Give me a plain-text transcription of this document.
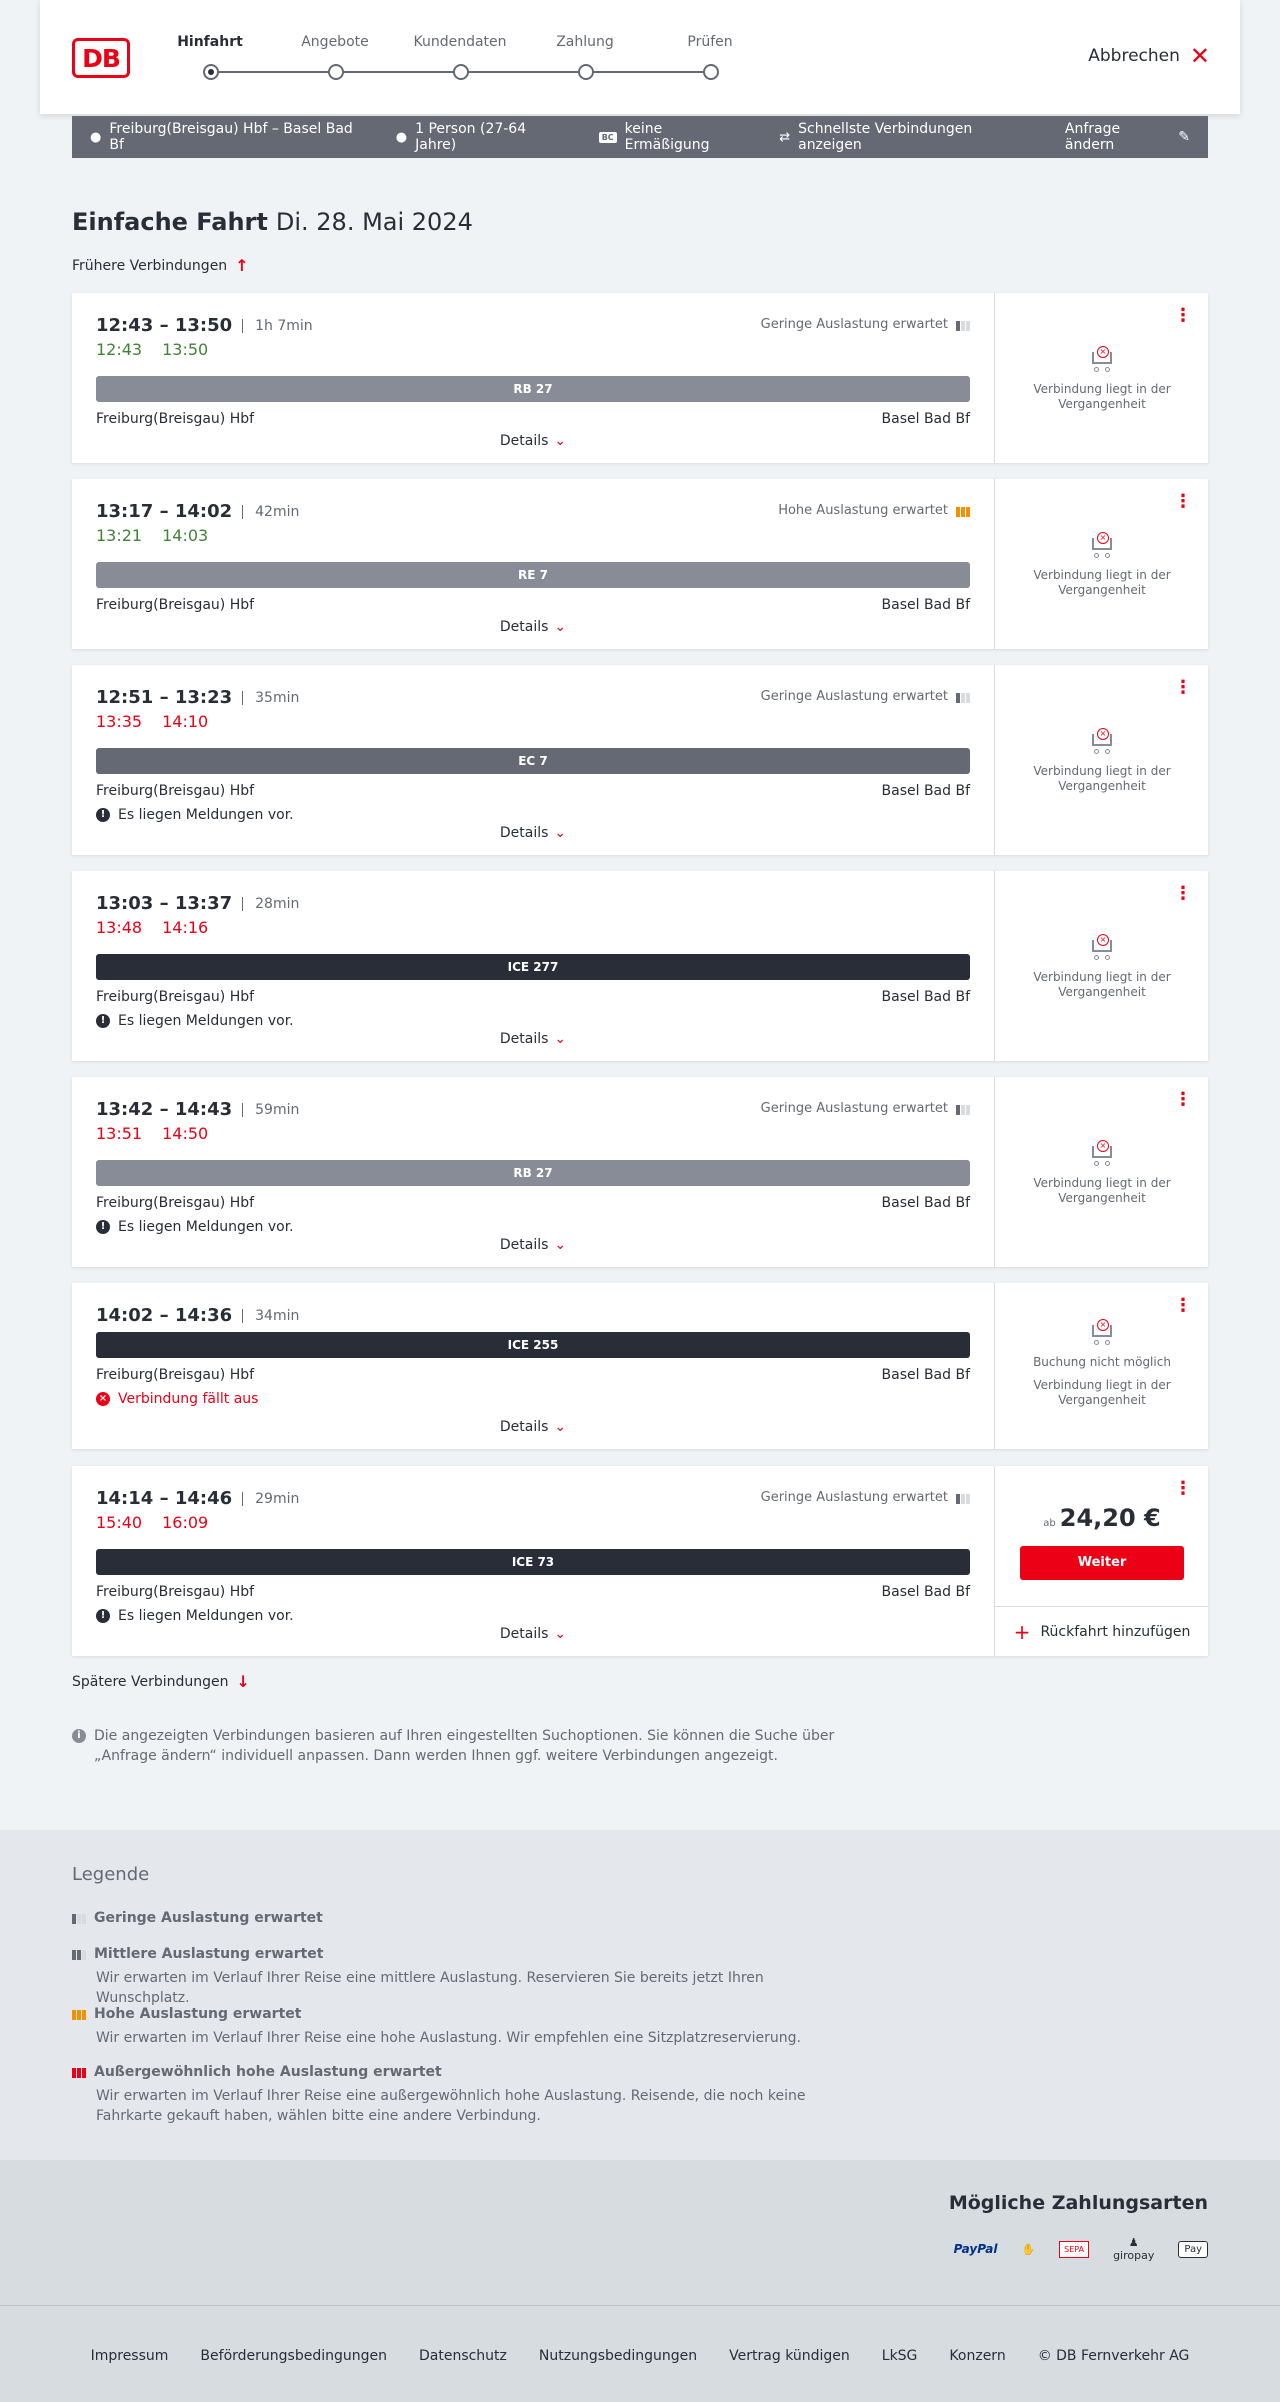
DB
Hinfahrt	Angebote	Kundendaten	Zahlung	Prüfen
Abbrechen ✕
● Freiburg(Breisgau) Hbf – Basel Bad Bf	● 1 Person (27-64 Jahre)	BC keine Ermäßigung	⇄ Schnellste Verbindungen anzeigen
Anfrage ändern	✎
Einfache Fahrt Di. 28. Mai 2024
Frühere Verbindungen ↑
12:43 – 13:50	1h 7min
12:43 13:50
Geringe Auslastung erwartet
RB 27
Freiburg(Breisgau) Hbf	Basel Bad Bf
Details ⌄
⋮
×
Verbindung liegt in der Vergangenheit
13:17 – 14:02	42min
13:21 14:03
Hohe Auslastung erwartet
RE 7
Freiburg(Breisgau) Hbf	Basel Bad Bf
Details ⌄
⋮
×
Verbindung liegt in der Vergangenheit
12:51 – 13:23	35min
13:35 14:10
Geringe Auslastung erwartet
EC 7
Freiburg(Breisgau) Hbf	Basel Bad Bf
! Es liegen Meldungen vor.
Details ⌄
⋮
×
Verbindung liegt in der Vergangenheit
13:03 – 13:37	28min
13:48 14:16
ICE 277
Freiburg(Breisgau) Hbf	Basel Bad Bf
! Es liegen Meldungen vor.
Details ⌄
⋮
×
Verbindung liegt in der Vergangenheit
13:42 – 14:43	59min
13:51 14:50
Geringe Auslastung erwartet
RB 27
Freiburg(Breisgau) Hbf	Basel Bad Bf
! Es liegen Meldungen vor.
Details ⌄
⋮
×
Verbindung liegt in der Vergangenheit
14:02 – 14:36	34min
ICE 255
Freiburg(Breisgau) Hbf	Basel Bad Bf
× Verbindung fällt aus
Details ⌄
⋮
×
Buchung nicht möglich
Verbindung liegt in der Vergangenheit
14:14 – 14:46	29min
15:40 16:09
Geringe Auslastung erwartet
ICE 73
Freiburg(Breisgau) Hbf	Basel Bad Bf
! Es liegen Meldungen vor.
Details ⌄
⋮
ab 24,20 €
Weiter
+ Rückfahrt hinzufügen
Spätere Verbindungen ↓
i Die angezeigten Verbindungen basieren auf Ihren eingestellten Suchoptionen. Sie können die Suche über „Anfrage ändern“ individuell anpassen. Dann werden Ihnen ggf. weitere Verbindungen angezeigt.
Legende
Geringe Auslastung erwartet
Mittlere Auslastung erwartet
Wir erwarten im Verlauf Ihrer Reise eine mittlere Auslastung. Reservieren Sie bereits jetzt Ihren Wunschplatz.
Hohe Auslastung erwartet
Wir erwarten im Verlauf Ihrer Reise eine hohe Auslastung. Wir empfehlen eine Sitzplatzreservierung.
Außergewöhnlich hohe Auslastung erwartet
Wir erwarten im Verlauf Ihrer Reise eine außergewöhnlich hohe Auslastung. Reisende, die noch keine Fahrkarte gekauft haben, wählen bitte eine andere Verbindung.
Mögliche Zahlungsarten
PayPal ✋	SEPA	♟
giropay	Pay
Impressum Beförderungsbedingungen Datenschutz Nutzungsbedingungen Vertrag kündigen LkSG Konzern © DB Fernverkehr AG
